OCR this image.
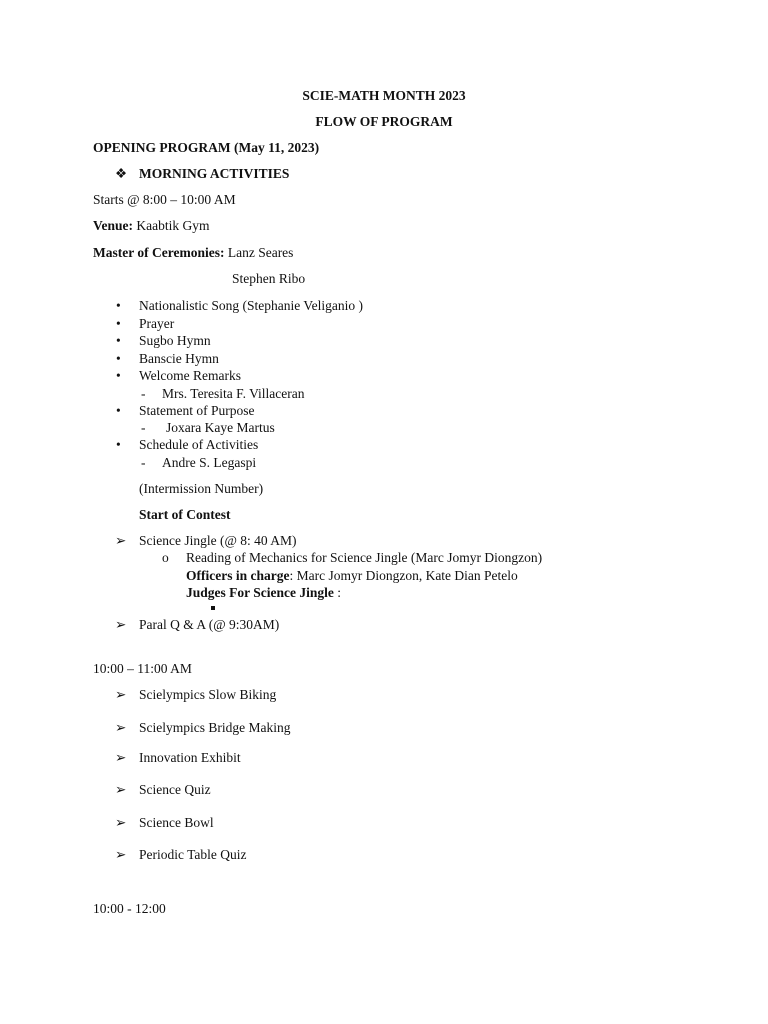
SCIE-MATH MONTH 2023
FLOW OF PROGRAM
OPENING PROGRAM (May 11, 2023)
❖ MORNING ACTIVITIES
Starts @ 8:00 – 10:00 AM
Venue: Kaabtik Gym
Master of Ceremonies: Lanz Seares
Stephen Ribo
• Nationalistic Song (Stephanie Veliganio )
• Prayer
• Sugbo Hymn
• Banscie Hymn
• Welcome Remarks
- Mrs. Teresita F. Villaceran
• Statement of Purpose
- Joxara Kaye Martus
• Schedule of Activities
- Andre S. Legaspi
(Intermission Number)
Start of Contest
➢ Science Jingle (@ 8: 40 AM)
o Reading of Mechanics for Science Jingle (Marc Jomyr Diongzon)
Officers in charge: Marc Jomyr Diongzon, Kate Dian Petelo
Judges For Science Jingle :
➢ Paral Q & A (@ 9:30AM)
10:00 – 11:00 AM
➢ Scielympics Slow Biking
➢ Scielympics Bridge Making
➢ Innovation Exhibit
➢ Science Quiz
➢ Science Bowl
➢ Periodic Table Quiz
10:00 - 12:00
